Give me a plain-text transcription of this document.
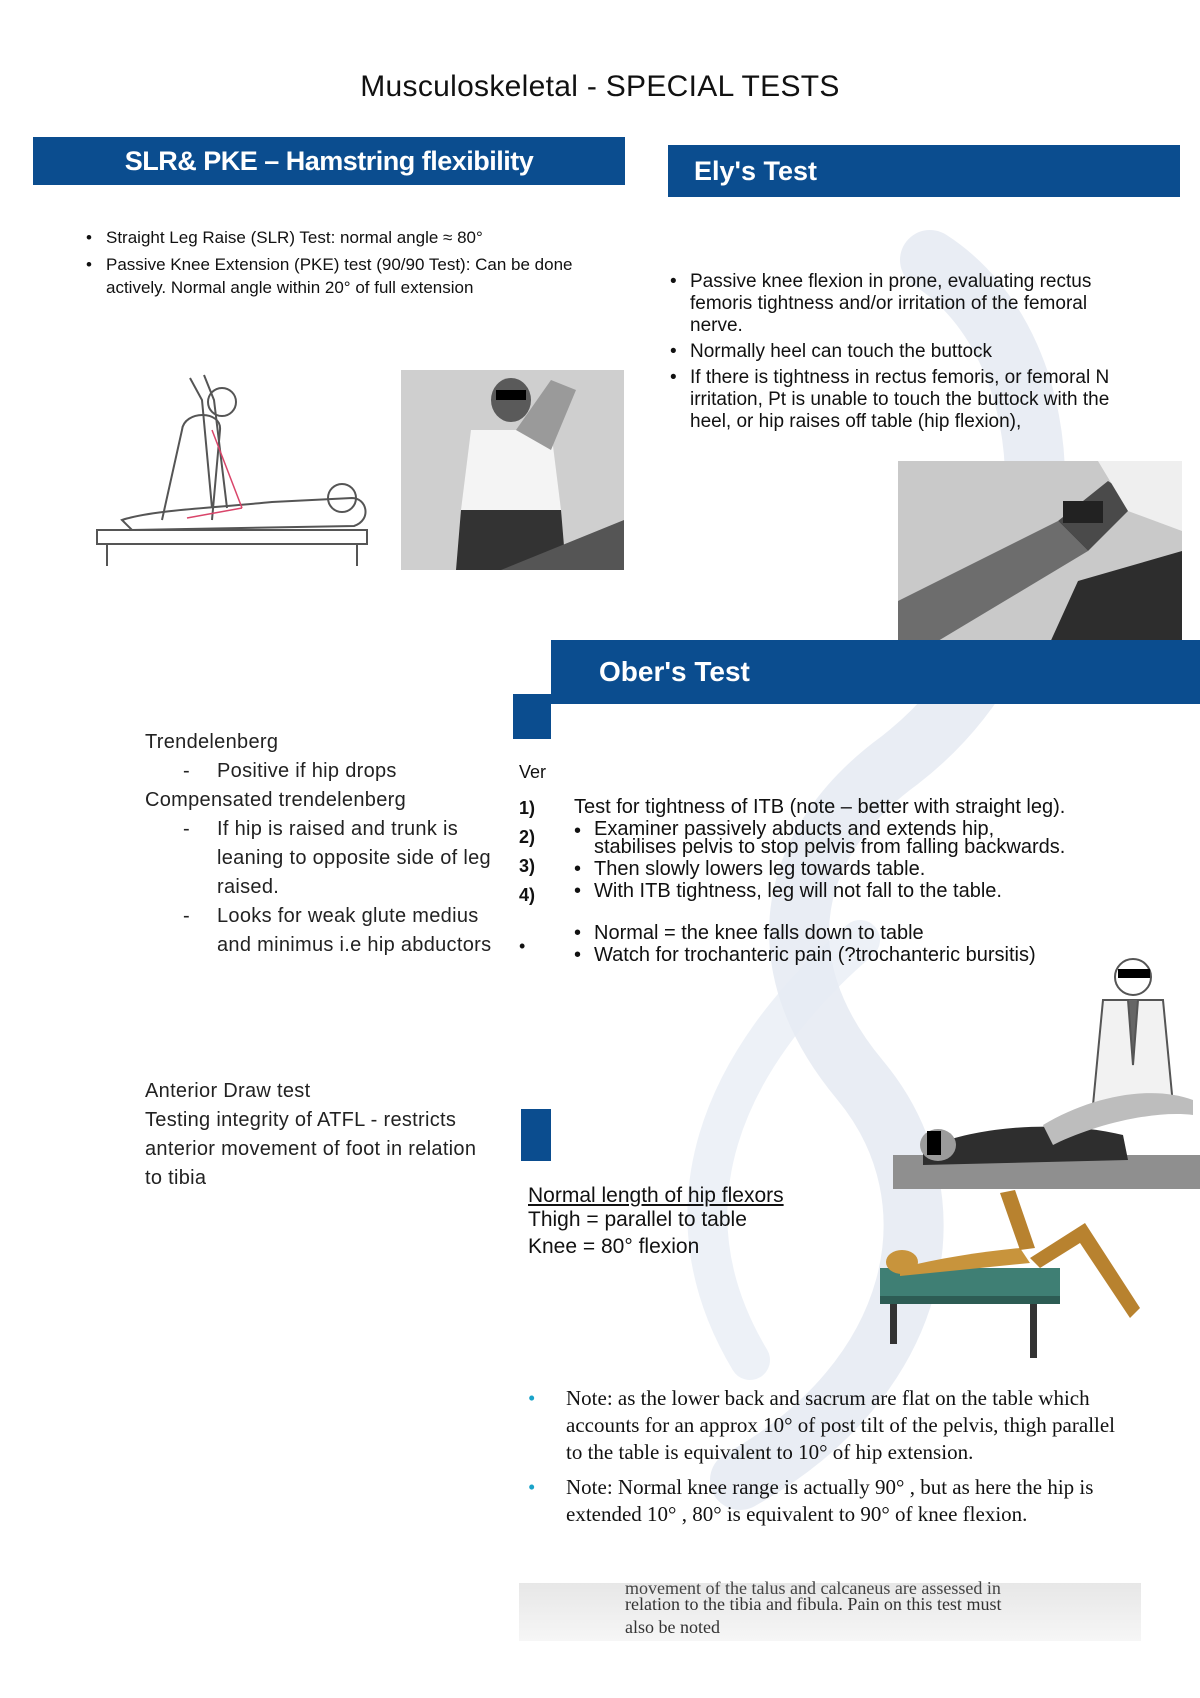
Musculoskeletal - SPECIAL TESTS
SLR& PKE – Hamstring flexibility
• Straight Leg Raise (SLR) Test: normal angle ≈ 80°
• Passive Knee Extension (PKE) test (90/90 Test): Can be done actively. Normal angle within 20° of full extension
Ely's Test
• Passive knee flexion in prone, evaluating rectus femoris tightness and/or irritation of the femoral nerve.
• Normally heel can touch the buttock
• If there is tightness in rectus femoris, or femoral N irritation, Pt is unable to touch the buttock with the heel, or hip raises off table (hip flexion),
Ober's Test
Trendelenberg
- Positive if hip drops
Compensated trendelenberg
- If hip is raised and trunk is leaning to opposite side of leg raised.
- Looks for weak glute medius and minimus i.e hip abductors
Ver
1)
2)
3)
4)
•
Test for tightness of ITB (note – better with straight leg).
• Examiner passively abducts and extends hip,
stabilises pelvis to stop pelvis from falling backwards.
• Then slowly lowers leg towards table.
• With ITB tightness, leg will not fall to the table.
• Normal = the knee falls down to table
• Watch for trochanteric pain (?trochanteric bursitis)
Anterior Draw test
Testing integrity of ATFL - restricts anterior movement of foot in relation to tibia
Normal length of hip flexors
Thigh = parallel to table
Knee = 80° flexion
• Note: as the lower back and sacrum are flat on the table which accounts for an approx 10° of post tilt of the pelvis, thigh parallel to the table is equivalent to 10° of hip extension.
• Note: Normal knee range is actually 90° , but as here the hip is extended 10° , 80° is equivalent to 90° of knee flexion.
movement of the talus and calcaneus are assessed in
relation to the tibia and fibula. Pain on this test must
also be noted
